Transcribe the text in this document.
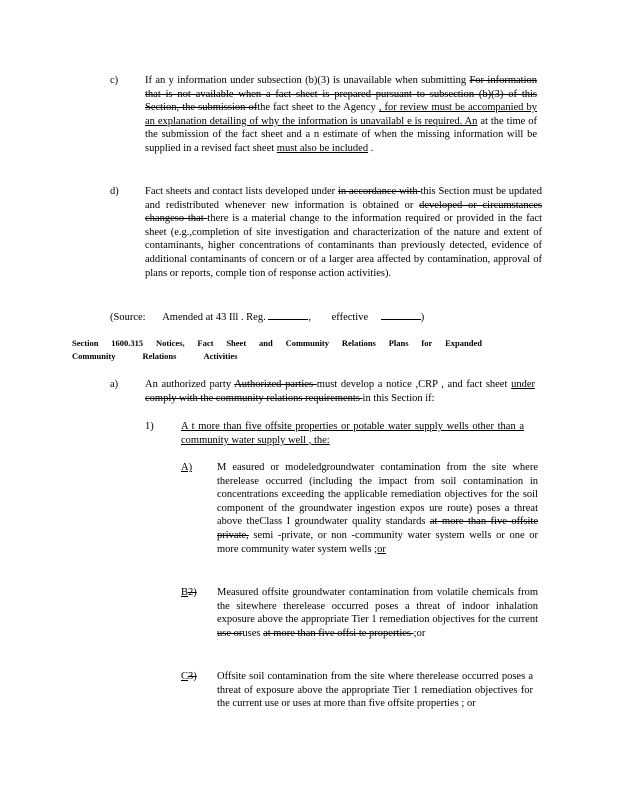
c)	If an y information under subsection (b)(3) is unavailable when submitting For information that is not available when a fact sheet is prepared pursuant to subsection (b)(3) of this Section, the submission ofthe fact sheet to the Agency , for review must be accompanied by an explanation detailing of why the information is unavailabl e is required. An at the time of the submission of the fact sheet and a n estimate of when the missing information will be supplied in a revised fact sheet must also be included .
d)	Fact sheets and contact lists developed under in accordance with this Section must be updated and redistributed whenever new information is obtained or developed or circumstances changeso that there is a material change to the information required or provided in the fact sheet (e.g.,completion of site investigation and characterization of the nature and extent of contaminants, higher concentrations of contaminants than previously detected, evidence of additional contaminants of concern or of a larger area affected by contamination, approval of plans or reports, comple tion of response action activities).
(Source: Amended at 43 Ill . Reg.	, effective	)
Section 1600.315 Notices, Fact Sheet and Community Relations Plans for Expanded
Community	Relations	Activities
a)	An authorized party Authorized parties must develop a notice ,CRP , and fact sheet under comply with the community relations requirements in this Section if:
1)	A t more than five offsite properties or potable water supply wells other than a community water supply well , the:
A) M easured or modeledgroundwater contamination from the site where therelease occurred (including the impact from soil contamination in concentrations exceeding the applicable remediation objectives for the soil component of the groundwater ingestion expos ure route) poses a threat above theClass I groundwater quality standards at more than five offsite private, semi -private, or non -community water system wells or one or more community water system wells ;or
B2) Measured offsite groundwater contamination from volatile chemicals from the sitewhere therelease occurred poses a threat of indoor inhalation exposure above the appropriate Tier 1 remediation objectives for the current use oruses at more than five offsi te properties ;or
C3) Offsite soil contamination from the site where therelease occurred poses a threat of exposure above the appropriate Tier 1 remediation objectives for the current use or uses at more than five offsite properties ; or
